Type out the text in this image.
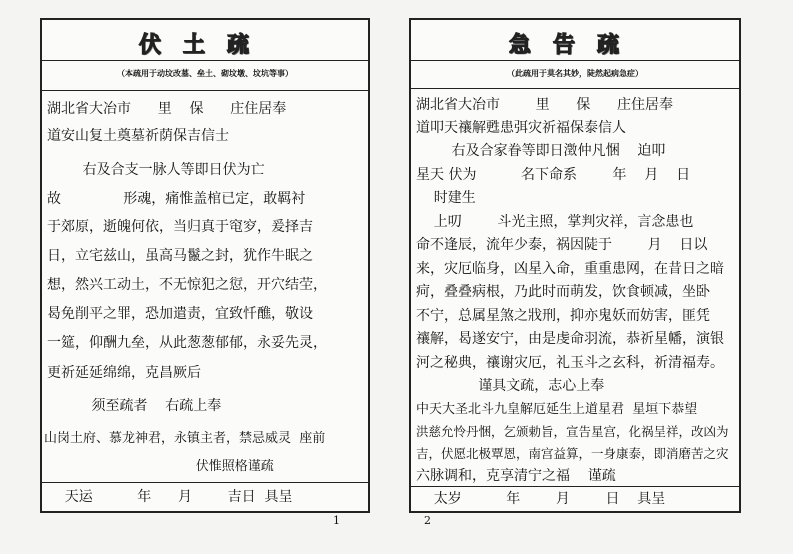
伏土疏
（本疏用于动坟改墓、垒土、砌坟墩、坟坑等事）
湖北省大冶市      里    保      庄住居奉
道安山复土奠墓祈荫保吉信士
右及合支一脉人等即日伏为亡
故              形魂，痛惟盖棺已定，敢羁衬
于郊原，逝魄何依，当归真于窀穸，爰择吉
日，立宅兹山，虽高马鬣之封，犹作牛眠之
想，然兴工动土，不无惊犯之愆，开穴结茔，
曷免削平之罪，恐加遣责，宜致忏醮，敬设
一筵，仰酬九垒，从此葱葱郁郁，永妥先灵，
更祈延延绵绵，克昌厥后
须至疏者    右疏上奉
山岗土府、慕龙神君，永镇主者，禁忌威灵  座前
伏惟照格谨疏
天运          年      月        吉日  具呈
1
急告疏
（此疏用于莫名其妙，陡然起病急症）
湖北省大冶市        里      保      庄住居奉
道叩天禳解甦患弭灾祈福保泰信人
右及合家眷等即日澂仲凡悃    迫叩
星天 伏为          名下命系        年    月    日
时建生
上叨        斗光主照，掌判灾祥，言念患也
命不逢辰，流年少泰，祸因陡于        月    日以
来，灾厄临身，凶星入命，重重患网，在昔日之暗
疴，叠叠病根，乃此时而萌发，饮食顿减，坐卧
不宁，总属星煞之戕刑，抑亦鬼妖而妨害，匪凭
禳解，曷遂安宁，由是虔命羽流，恭祈星幡，演银
河之秘典，禳谢灾厄，礼玉斗之玄科，祈清福寿。
谨具文疏，志心上奉
中天大圣北斗九皇解厄延生上道星君  星垣下恭望
洪慈允怜丹悃，乞颁勅旨，宣告星宫，化祸呈祥，改凶为
吉，伏愿北极覃恩，南宫益算，一身康泰，即消磨苦之灾
六脉调和，克享清宁之福    谨疏
太岁          年        月        日    具呈
2
